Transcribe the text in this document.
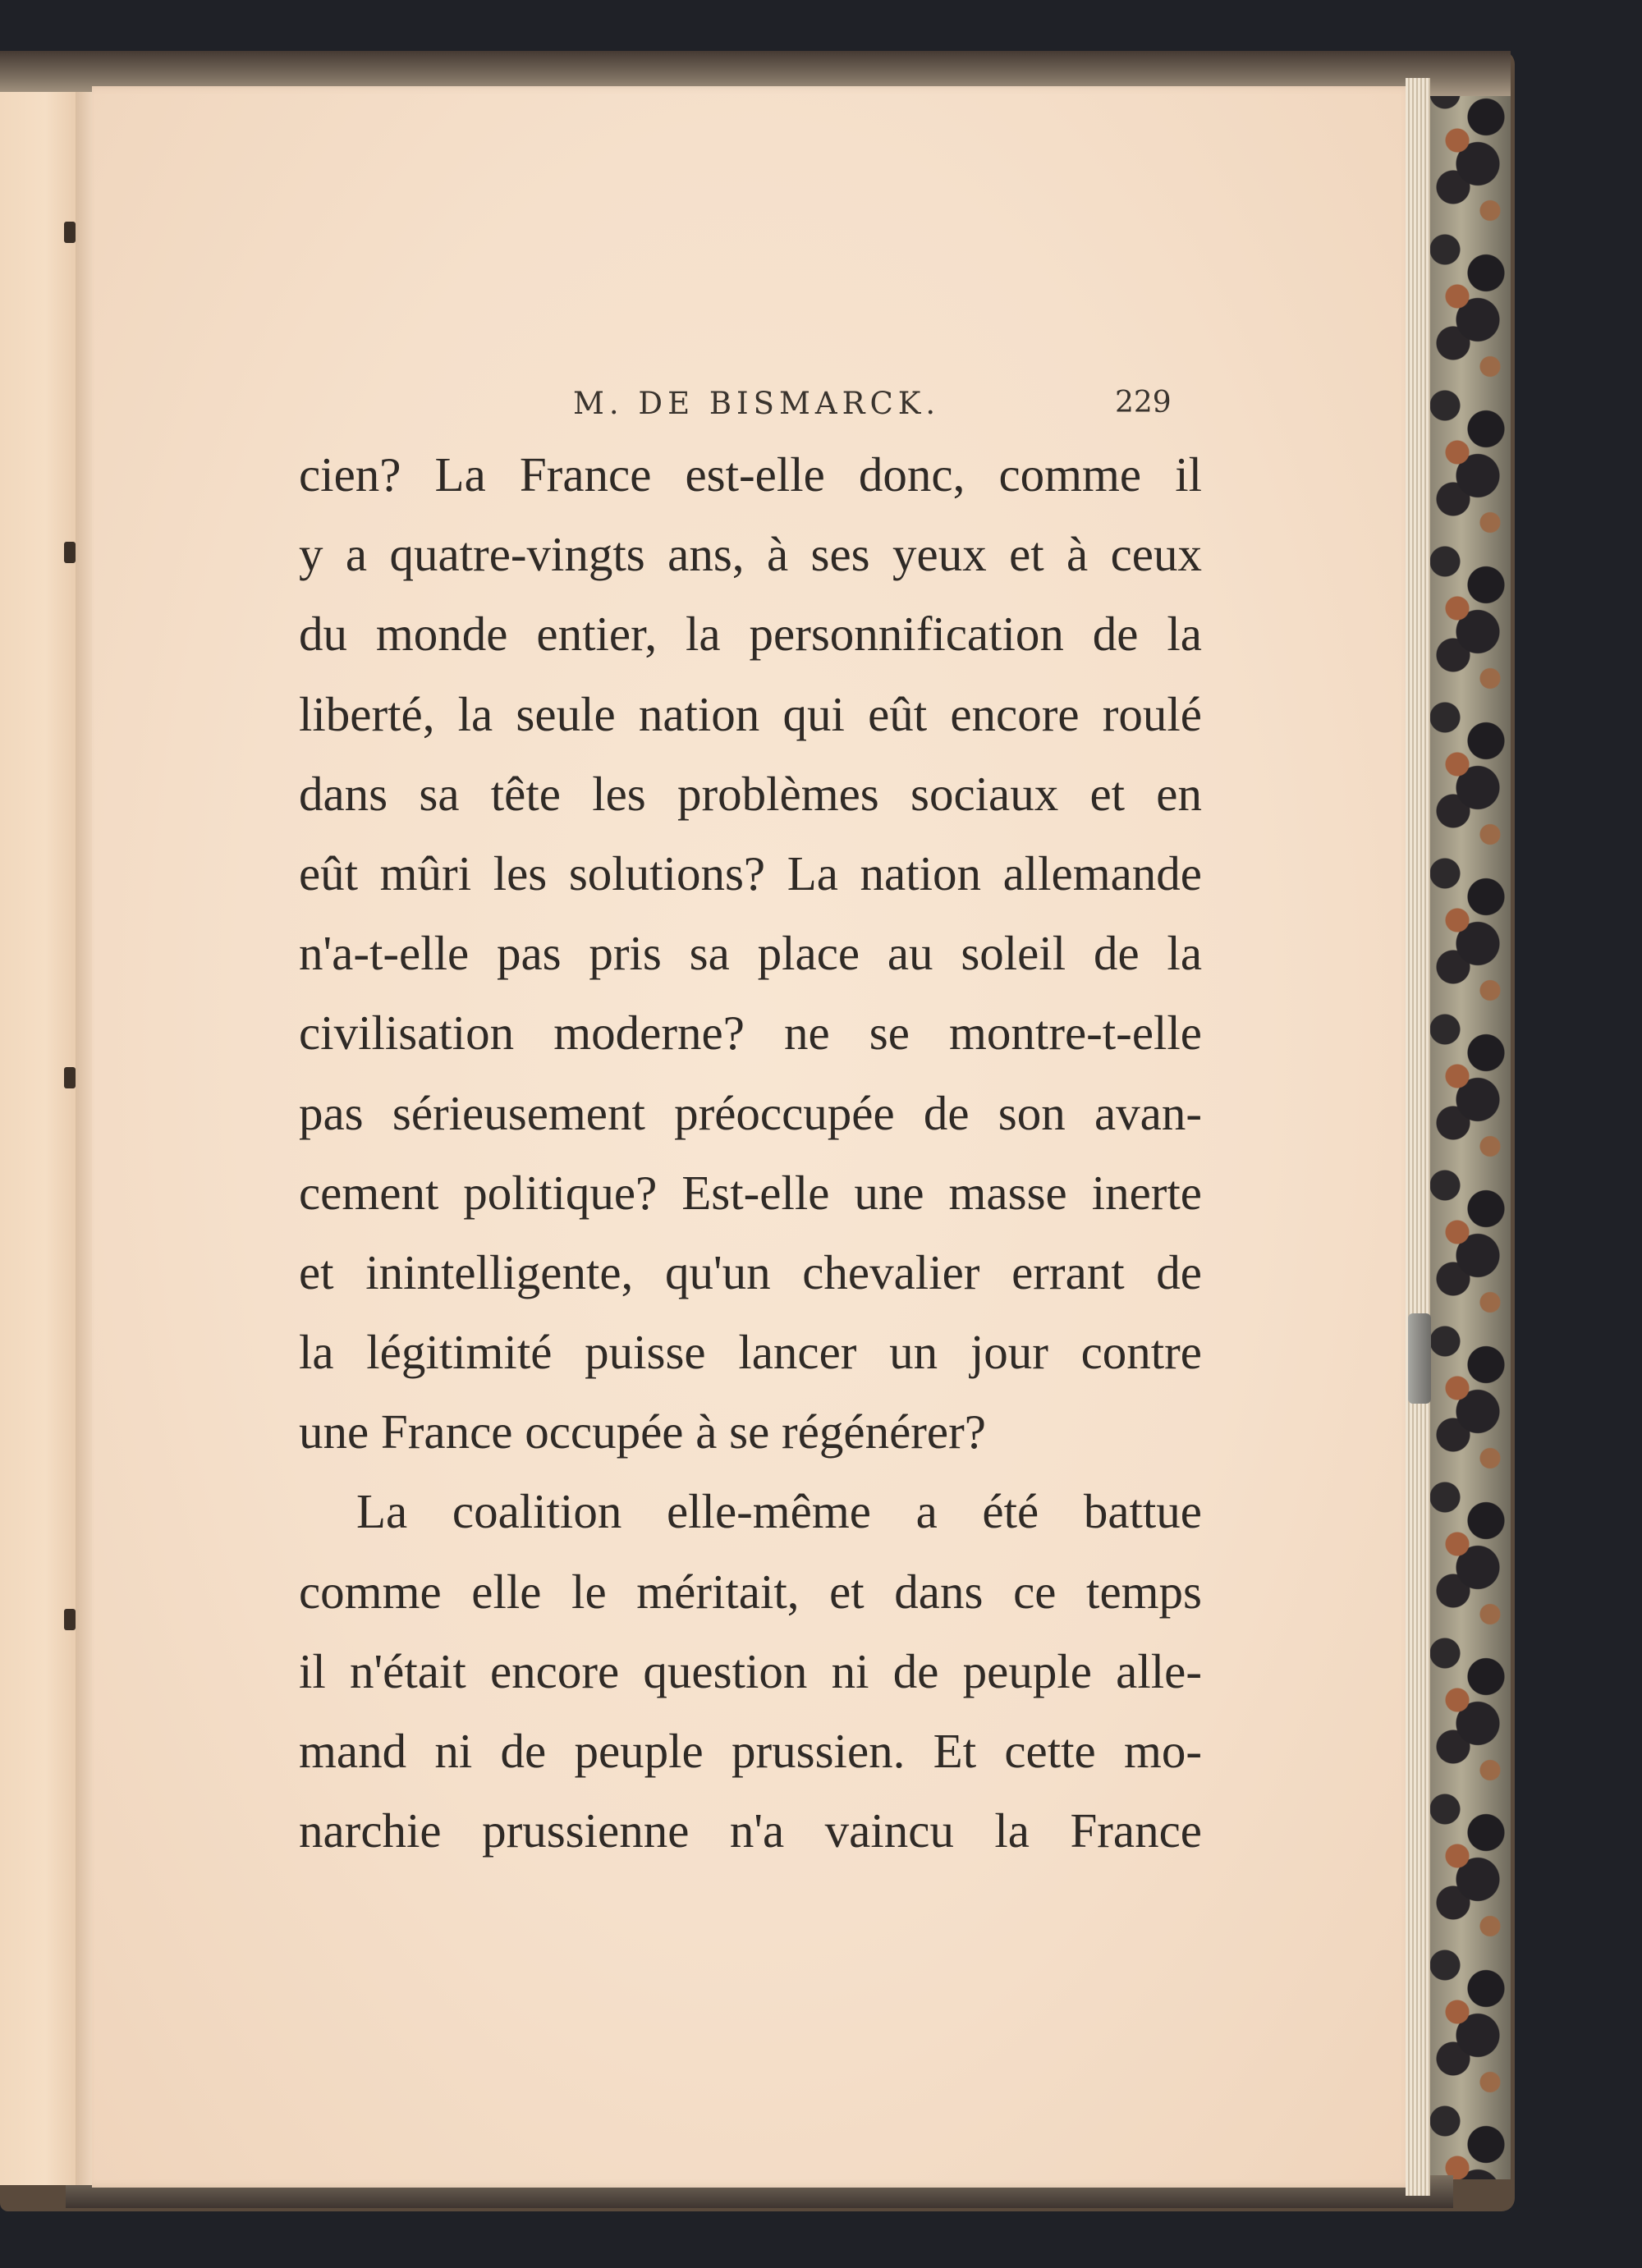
M. DE BISMARCK.	229
cien? La France est-elle donc, comme il
y a quatre-vingts ans, à ses yeux et à ceux
du monde entier, la personnification de la
liberté, la seule nation qui eût encore roulé
dans sa tête les problèmes sociaux et en
eût mûri les solutions? La nation allemande
n'a-t-elle pas pris sa place au soleil de la
civilisation moderne? ne se montre-t-elle
pas sérieusement préoccupée de son avan-
cement politique? Est-elle une masse inerte
et inintelligente, qu'un chevalier errant de
la légitimité puisse lancer un jour contre
une France occupée à se régénérer?
La coalition elle-même a été battue
comme elle le méritait, et dans ce temps
il n'était encore question ni de peuple alle-
mand ni de peuple prussien. Et cette mo-
narchie prussienne n'a vaincu la France
